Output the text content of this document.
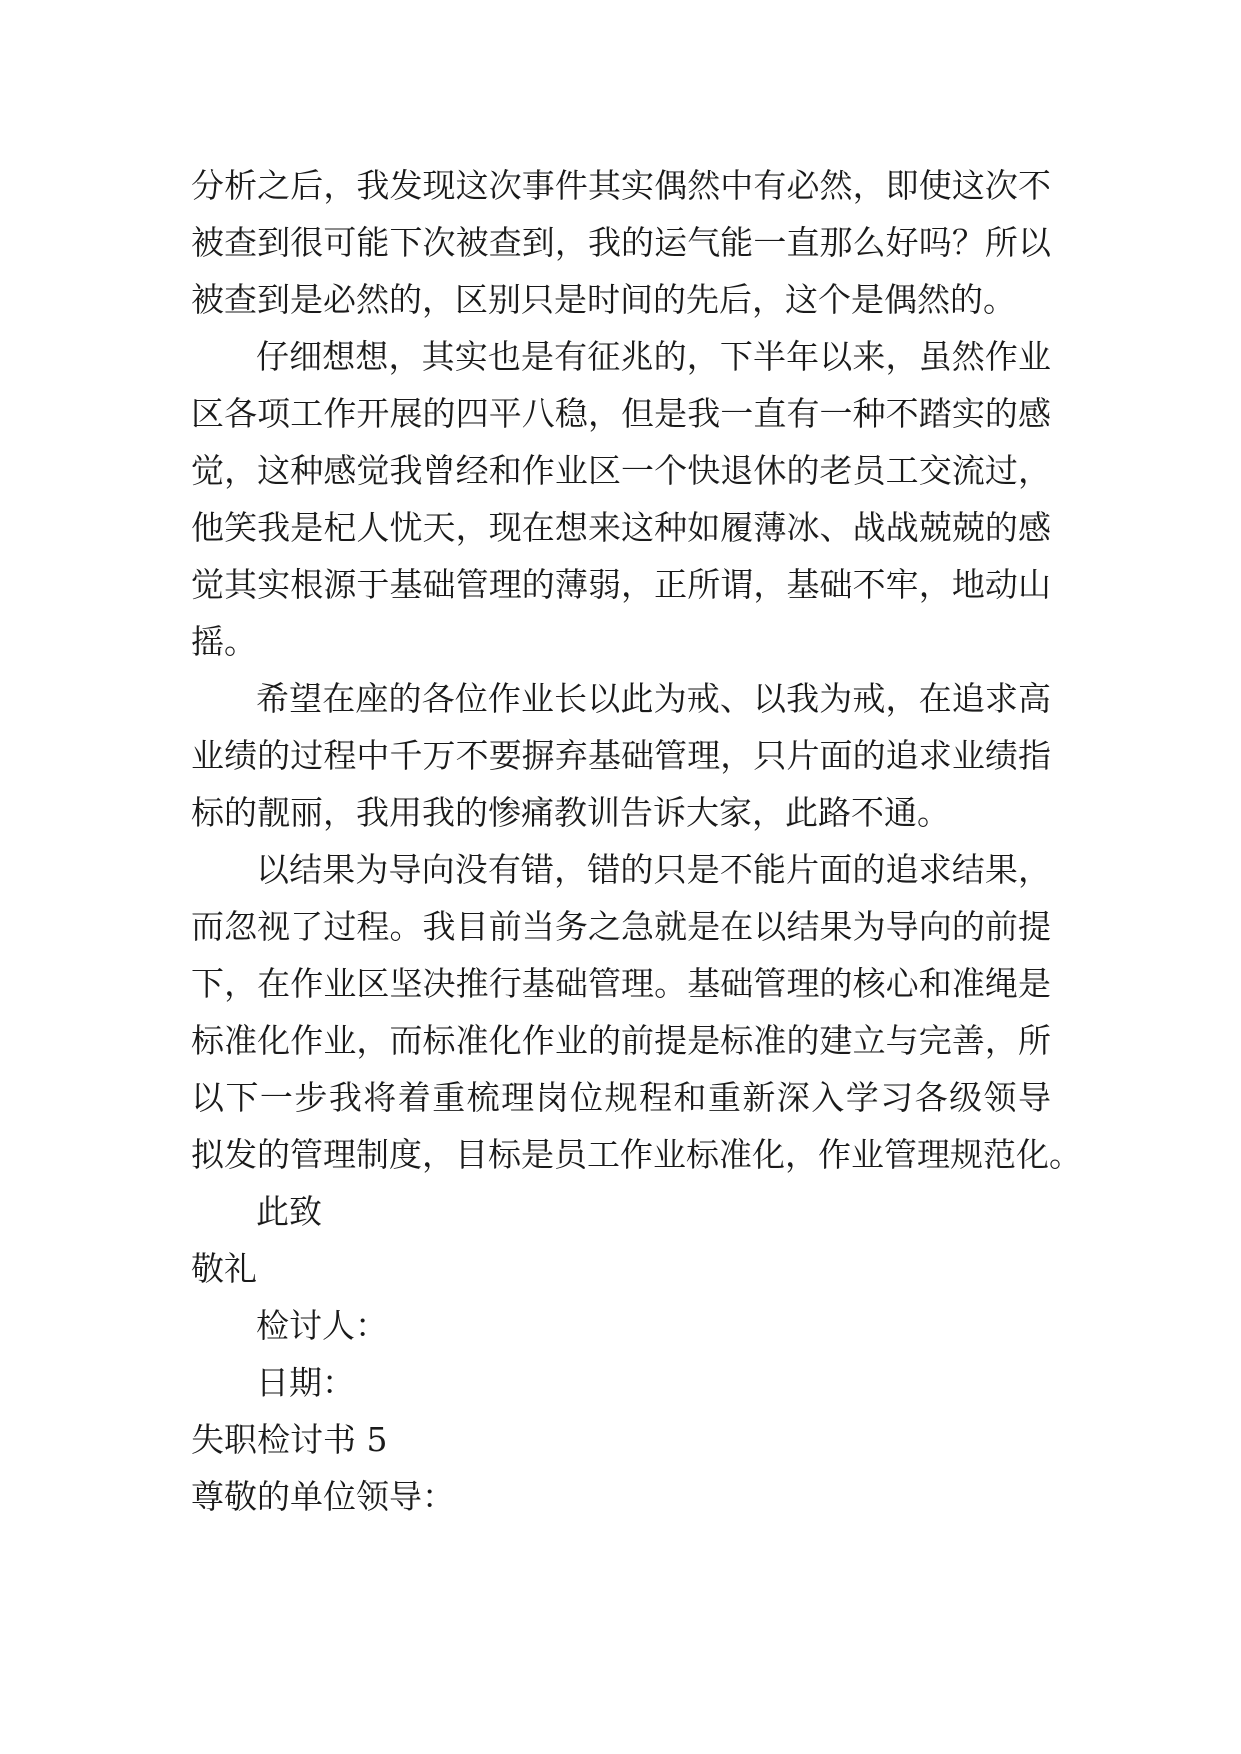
分析之后，我发现这次事件其实偶然中有必然，即使这次不
被查到很可能下次被查到，我的运气能一直那么好吗？所以
被查到是必然的，区别只是时间的先后，这个是偶然的。
仔细想想，其实也是有征兆的，下半年以来，虽然作业
区各项工作开展的四平八稳，但是我一直有一种不踏实的感
觉，这种感觉我曾经和作业区一个快退休的老员工交流过，
他笑我是杞人忧天，现在想来这种如履薄冰、战战兢兢的感
觉其实根源于基础管理的薄弱，正所谓，基础不牢，地动山
摇。
希望在座的各位作业长以此为戒、以我为戒，在追求高
业绩的过程中千万不要摒弃基础管理，只片面的追求业绩指
标的靓丽，我用我的惨痛教训告诉大家，此路不通。
以结果为导向没有错，错的只是不能片面的追求结果，
而忽视了过程。我目前当务之急就是在以结果为导向的前提
下，在作业区坚决推行基础管理。基础管理的核心和准绳是
标准化作业，而标准化作业的前提是标准的建立与完善，所
以下一步我将着重梳理岗位规程和重新深入学习各级领导
拟发的管理制度，目标是员工作业标准化，作业管理规范化。
此致
敬礼
检讨人：
日期：
失职检讨书 5
尊敬的单位领导：
